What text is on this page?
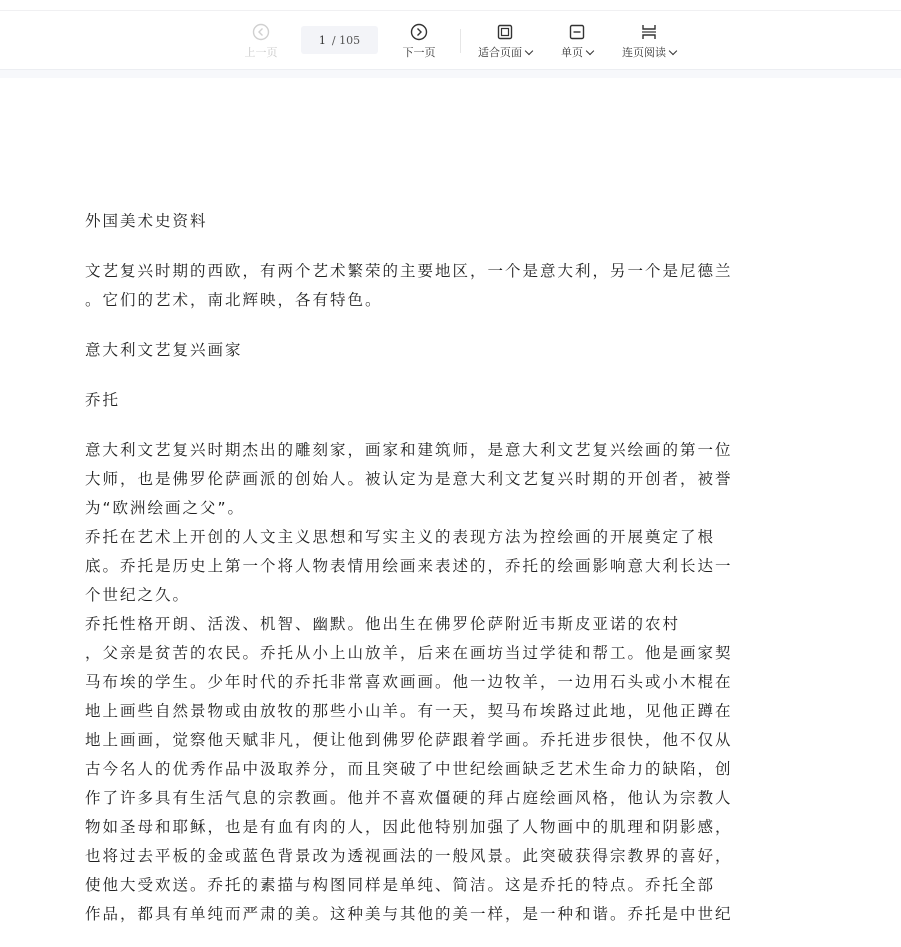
上一页
1 / 105
下一页	适合页面	单页	连页阅读

外国美术史资料

文艺复兴时期的西欧，有两个艺术繁荣的主要地区，一个是意大利，另一个是尼德兰

。它们的艺术，南北辉映，各有特色。

意大利文艺复兴画家

乔托

意大利文艺复兴时期杰出的雕刻家，画家和建筑师，是意大利文艺复兴绘画的第一位

大师，也是佛罗伦萨画派的创始人。被认定为是意大利文艺复兴时期的开创者，被誉

为“欧洲绘画之父”。

乔托在艺术上开创的人文主义思想和写实主义的表现方法为控绘画的开展奠定了根

底。乔托是历史上第一个将人物表情用绘画来表述的，乔托的绘画影响意大利长达一

个世纪之久。

乔托性格开朗、活泼、机智、幽默。他出生在佛罗伦萨附近韦斯皮亚诺的农村

，父亲是贫苦的农民。乔托从小上山放羊，后来在画坊当过学徒和帮工。他是画家契

马布埃的学生。少年时代的乔托非常喜欢画画。他一边牧羊，一边用石头或小木棍在

地上画些自然景物或由放牧的那些小山羊。有一天，契马布埃路过此地，见他正蹲在

地上画画，觉察他天赋非凡，便让他到佛罗伦萨跟着学画。乔托进步很快，他不仅从

古今名人的优秀作品中汲取养分，而且突破了中世纪绘画缺乏艺术生命力的缺陷，创

作了许多具有生活气息的宗教画。他并不喜欢僵硬的拜占庭绘画风格，他认为宗教人

物如圣母和耶稣，也是有血有肉的人，因此他特别加强了人物画中的肌理和阴影感，

也将过去平板的金或蓝色背景改为透视画法的一般风景。此突破获得宗教界的喜好，

使他大受欢送。乔托的素描与构图同样是单纯、简洁。这是乔托的特点。乔托全部

作品，都具有单纯而严肃的美。这种美与其他的美一样，是一种和谐。乔托是中世纪
